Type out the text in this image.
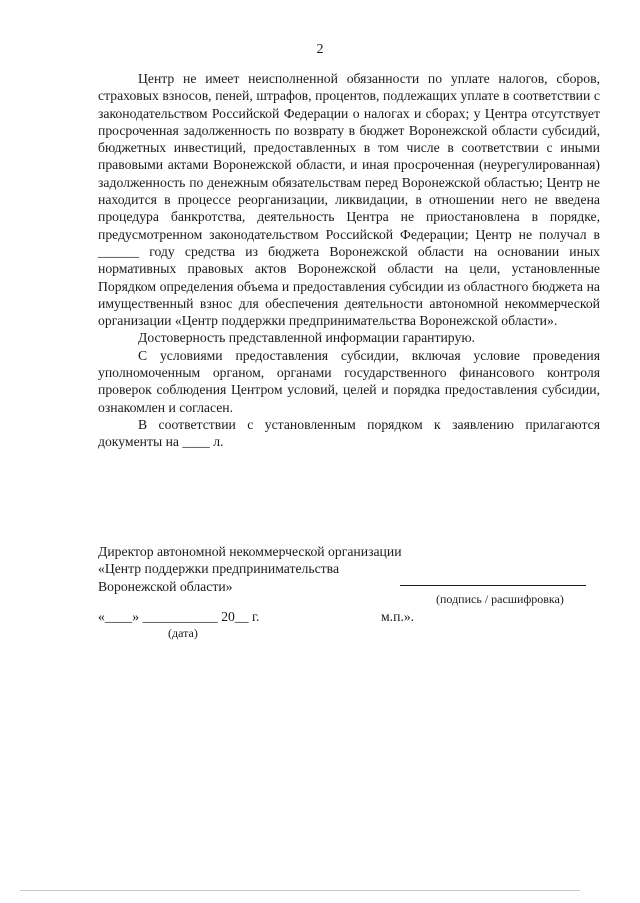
2

Центр не имеет неисполненной обязанности по уплате налогов, сборов, страховых взносов, пеней, штрафов, процентов, подлежащих уплате в соответствии с законодательством Российской Федерации о налогах и сборах; у Центра отсутствует просроченная задолженность по возврату в бюджет Воронежской области субсидий, бюджетных инвестиций, предоставленных в том числе в соответствии с иными правовыми актами Воронежской области, и иная просроченная (неурегулированная) задолженность по денежным обязательствам перед Воронежской областью; Центр не находится в процессе реорганизации, ликвидации, в отношении него не введена процедура банкротства, деятельность Центра не приостановлена в порядке, предусмотренном законодательством Российской Федерации; Центр не получал в ______ году средства из бюджета Воронежской области на основании иных нормативных правовых актов Воронежской области на цели, установленные Порядком определения объема и предоставления субсидии из областного бюджета на имущественный взнос для обеспечения деятельности автономной некоммерческой организации «Центр поддержки предпринимательства Воронежской области».

Достоверность представленной информации гарантирую.

С условиями предоставления субсидии, включая условие проведения уполномоченным органом, органами государственного финансового контроля проверок соблюдения Центром условий, целей и порядка предоставления субсидии, ознакомлен и согласен.

В соответствии с установленным порядком к заявлению прилагаются документы на ____ л.

Директор автономной некоммерческой организации
«Центр поддержки предпринимательства
Воронежской области»
(подпись / расшифровка)
«____» ___________ 20__ г.	м.п.».
(дата)
